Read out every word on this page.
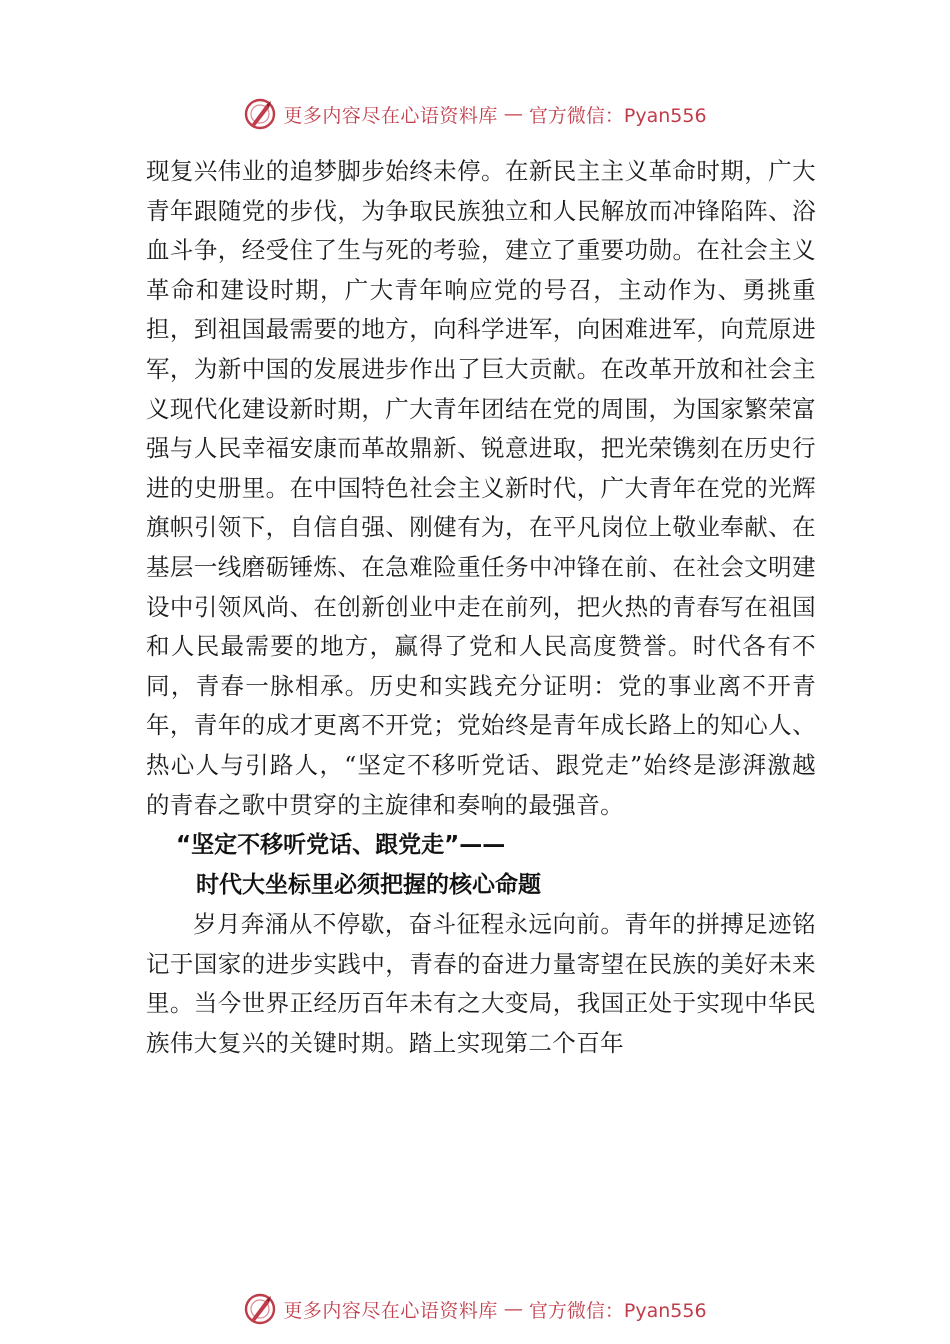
更多内容尽在心语资料库 — 官方微信：Pyan556

现复兴伟业的追梦脚步始终未停。在新民主主义革命时期，广大青年跟随党的步伐，为争取民族独立和人民解放而冲锋陷阵、浴血斗争，经受住了生与死的考验，建立了重要功勋。在社会主义革命和建设时期，广大青年响应党的号召，主动作为、勇挑重担，到祖国最需要的地方，向科学进军，向困难进军，向荒原进军，为新中国的发展进步作出了巨大贡献。在改革开放和社会主义现代化建设新时期，广大青年团结在党的周围，为国家繁荣富强与人民幸福安康而革故鼎新、锐意进取，把光荣镌刻在历史行进的史册里。在中国特色社会主义新时代，广大青年在党的光辉旗帜引领下，自信自强、刚健有为，在平凡岗位上敬业奉献、在基层一线磨砺锤炼、在急难险重任务中冲锋在前、在社会文明建设中引领风尚、在创新创业中走在前列，把火热的青春写在祖国和人民最需要的地方，赢得了党和人民高度赞誉。时代各有不同，青春一脉相承。历史和实践充分证明：党的事业离不开青年，青年的成才更离不开党；党始终是青年成长路上的知心人、热心人与引路人，“坚定不移听党话、跟党走”始终是澎湃激越的青春之歌中贯穿的主旋律和奏响的最强音。

“坚定不移听党话、跟党走”——

时代大坐标里必须把握的核心命题

岁月奔涌从不停歇，奋斗征程永远向前。青年的拼搏足迹铭记于国家的进步实践中，青春的奋进力量寄望在民族的美好未来里。当今世界正经历百年未有之大变局，我国正处于实现中华民族伟大复兴的关键时期。踏上实现第二个百年

更多内容尽在心语资料库 — 官方微信：Pyan556
